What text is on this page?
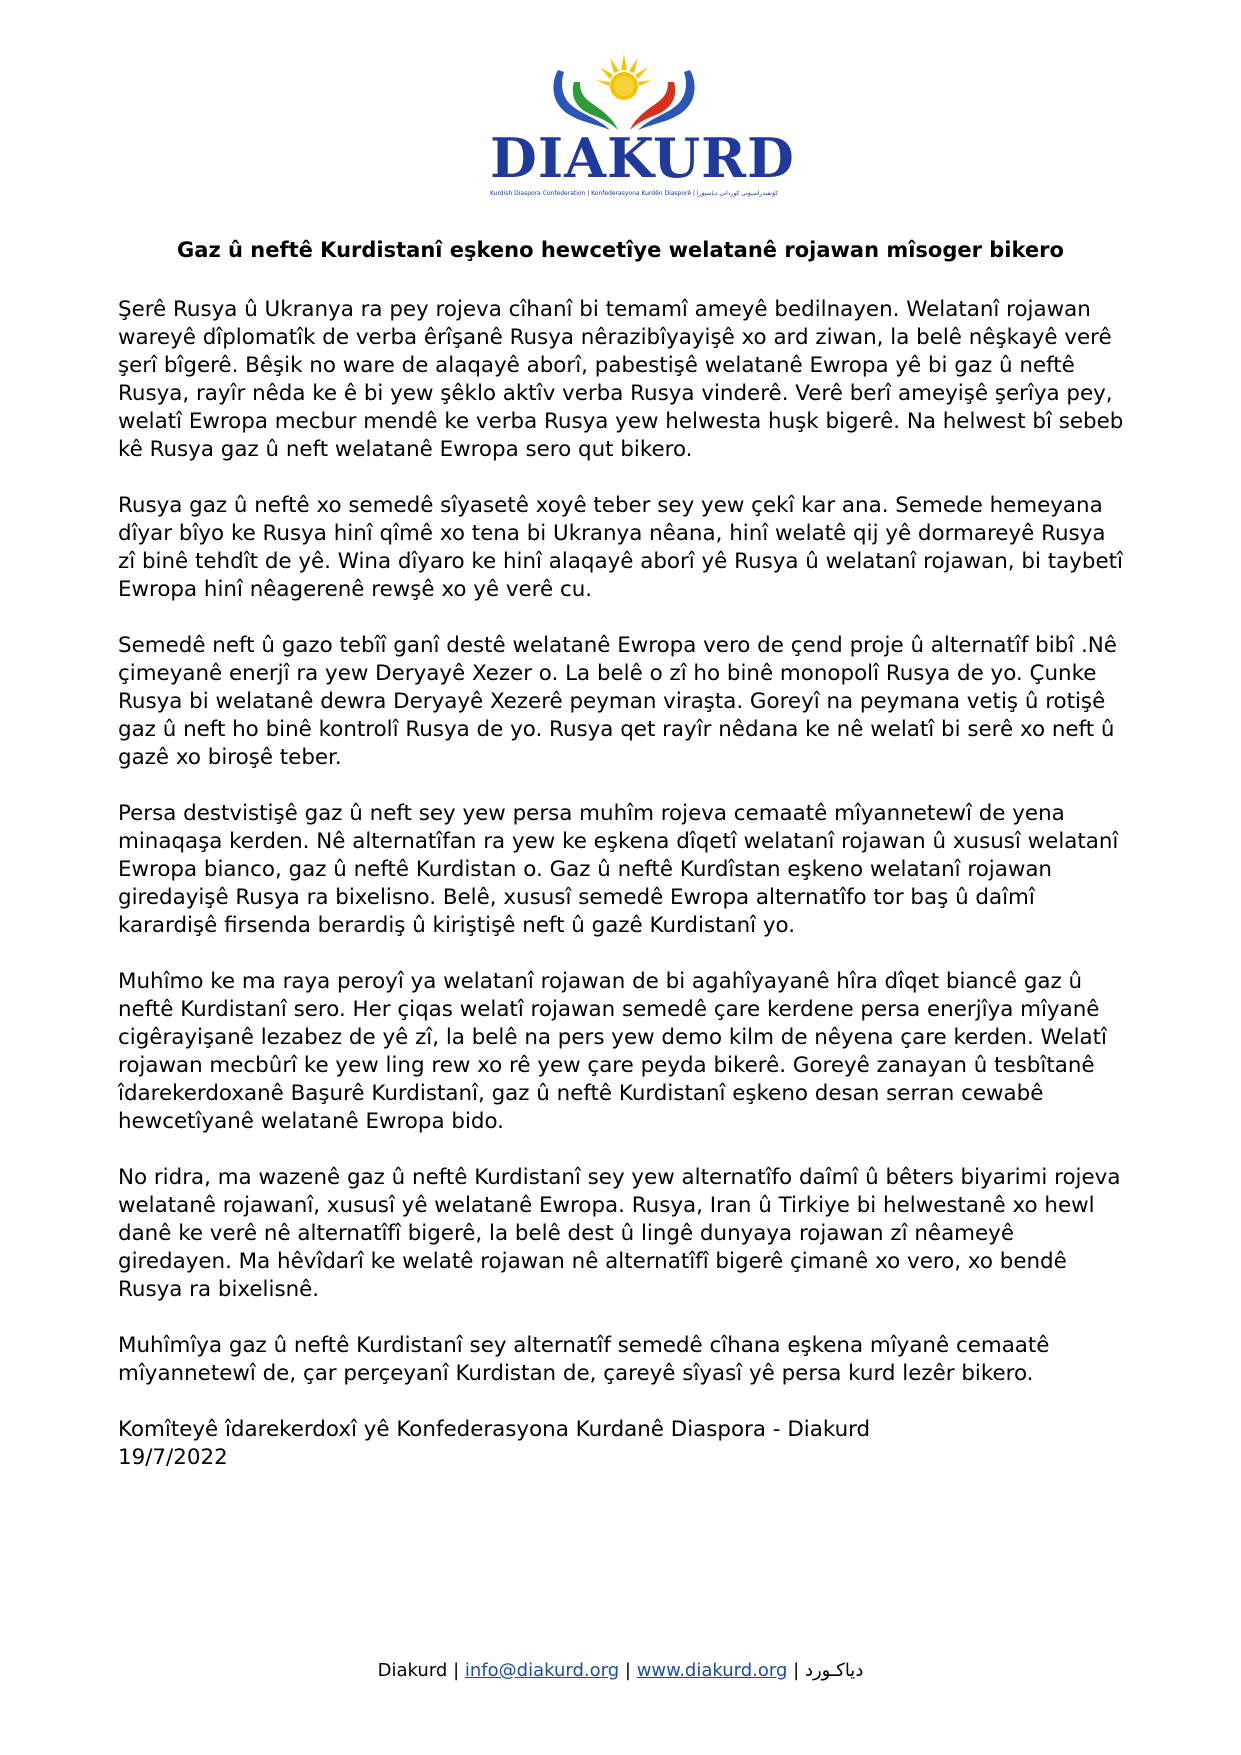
DIAKURD
Kurdish Diaspora Confederation | Konfederasyona Kurdên Diasporê | کۆنفیدراسیۆنی کوردانی دیاسپۆرا
Gaz û neftê Kurdistanî eşkeno hewcetîye welatanê rojawan mîsoger bikero

Şerê Rusya û Ukranya ra pey rojeva cîhanî bi temamî ameyê bedilnayen. Welatanî rojawan wareyê dîplomatîk de verba êrîşanê Rusya nêrazibîyayişê xo ard ziwan, la belê nêşkayê verê şerî bîgerê. Bêşik no ware de alaqayê aborî, pabestişê welatanê Ewropa yê bi gaz û neftê Rusya, rayîr nêda ke ê bi yew şêklo aktîv verba Rusya vinderê. Verê berî ameyişê şerîya pey, welatî Ewropa mecbur mendê ke verba Rusya yew helwesta huşk bigerê. Na helwest bî sebeb kê Rusya gaz û neft welatanê Ewropa sero qut bikero.

Rusya gaz û neftê xo semedê sîyasetê xoyê teber sey yew çekî kar ana. Semede hemeyana dîyar bîyo ke Rusya hinî qîmê xo tena bi Ukranya nêana, hinî welatê qij yê dormareyê Rusya zî binê tehdît de yê. Wina dîyaro ke hinî alaqayê aborî yê Rusya û welatanî rojawan, bi taybetî Ewropa hinî nêagerenê rewşê xo yê verê cu.

Semedê neft û gazo tebîî ganî destê welatanê Ewropa vero de çend proje û alternatîf bibî .Nê çimeyanê enerjî ra yew Deryayê Xezer o. La belê o zî ho binê monopolî Rusya de yo. Çunke Rusya bi welatanê dewra Deryayê Xezerê peyman viraşta. Goreyî na peymana vetiş û rotişê gaz û neft ho binê kontrolî Rusya de yo. Rusya qet rayîr nêdana ke nê welatî bi serê xo neft û gazê xo biroşê teber.

Persa destvistişê gaz û neft sey yew persa muhîm rojeva cemaatê mîyannetewî de yena minaqaşa kerden. Nê alternatîfan ra yew ke eşkena dîqetî welatanî rojawan û xususî welatanî Ewropa bianco, gaz û neftê Kurdistan o. Gaz û neftê Kurdîstan eşkeno welatanî rojawan giredayişê Rusya ra bixelisno. Belê, xususî semedê Ewropa alternatîfo tor baş û daîmî karardişê firsenda berardiş û kiriştişê neft û gazê Kurdistanî yo.

Muhîmo ke ma raya peroyî ya welatanî rojawan de bi agahîyayanê hîra dîqet biancê gaz û neftê Kurdistanî sero. Her çiqas welatî rojawan semedê çare kerdene persa enerjîya mîyanê cigêrayişanê lezabez de yê zî, la belê na pers yew demo kilm de nêyena çare kerden. Welatî rojawan mecbûrî ke yew ling rew xo rê yew çare peyda bikerê. Goreyê zanayan û tesbîtanê îdarekerdoxanê Başurê Kurdistanî, gaz û neftê Kurdistanî eşkeno desan serran cewabê hewcetîyanê welatanê Ewropa bido.

No ridra, ma wazenê gaz û neftê Kurdistanî sey yew alternatîfo daîmî û bêters biyarimi rojeva welatanê rojawanî, xususî yê welatanê Ewropa. Rusya, Iran û Tirkiye bi helwestanê xo hewl danê ke verê nê alternatîfî bigerê, la belê dest û lingê dunyaya rojawan zî nêameyê giredayen. Ma hêvîdarî ke welatê rojawan nê alternatîfî bigerê çimanê xo vero, xo bendê Rusya ra bixelisnê.

Muhîmîya gaz û neftê Kurdistanî sey alternatîf semedê cîhana eşkena mîyanê cemaatê mîyannetewî de, çar perçeyanî Kurdistan de, çareyê sîyasî yê persa kurd lezêr bikero.

Komîteyê îdarekerdoxî yê Konfederasyona Kurdanê Diaspora - Diakurd
19/7/2022
Diakurd | info@diakurd.org | www.diakurd.org | دیاکـورد
